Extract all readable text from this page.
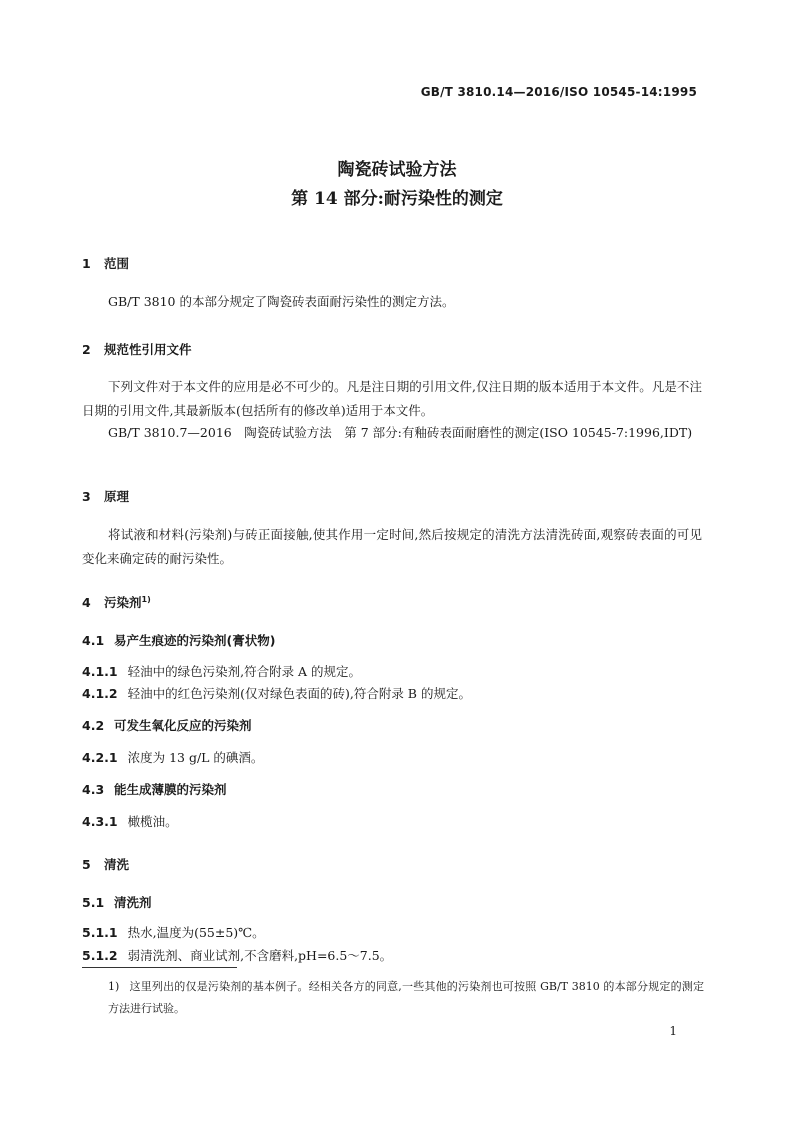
GB/T 3810.14—2016/ISO 10545-14:1995
陶瓷砖试验方法
第 14 部分:耐污染性的测定
1 范围
GB/T 3810 的本部分规定了陶瓷砖表面耐污染性的测定方法。
2 规范性引用文件
下列文件对于本文件的应用是必不可少的。凡是注日期的引用文件,仅注日期的版本适用于本文件。凡是不注日期的引用文件,其最新版本(包括所有的修改单)适用于本文件。
GB/T 3810.7—2016　陶瓷砖试验方法　第 7 部分:有釉砖表面耐磨性的测定(ISO 10545-7:1996,IDT)
3 原理
将试液和材料(污染剂)与砖正面接触,使其作用一定时间,然后按规定的清洗方法清洗砖面,观察砖表面的可见变化来确定砖的耐污染性。
4 污染剂$^{1)}$
4.1 易产生痕迹的污染剂(膏状物)
4.1.1 轻油中的绿色污染剂,符合附录 A 的规定。
4.1.2 轻油中的红色污染剂(仅对绿色表面的砖),符合附录 B 的规定。
4.2 可发生氧化反应的污染剂
4.2.1 浓度为 13 g/L 的碘酒。
4.3 能生成薄膜的污染剂
4.3.1 橄榄油。
5 清洗
5.1 清洗剂
5.1.1 热水,温度为(55±5)℃。
5.1.2 弱清洗剂、商业试剂,不含磨料,pH=6.5～7.5。
1) 这里列出的仅是污染剂的基本例子。经相关各方的同意,一些其他的污染剂也可按照 GB/T 3810 的本部分规定的测定方法进行试验。
1
